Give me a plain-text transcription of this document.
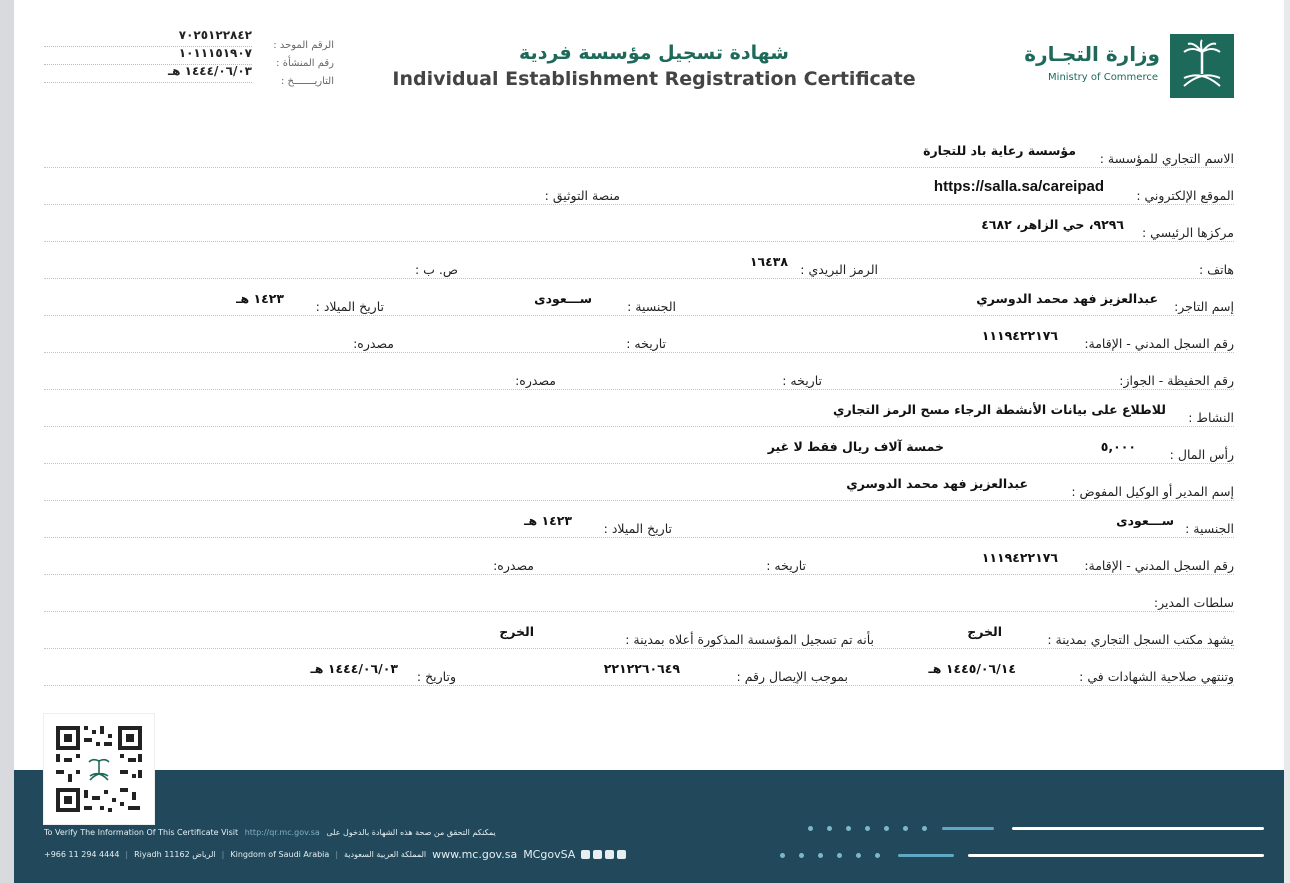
وزارة التجـارة
Ministry of Commerce
شهادة تسجيل مؤسسة فردية
Individual Establishment Registration Certificate
الرقم الموحد :
٧٠٢٥١٢٢٨٤٢
رقم المنشأة :
١٠١١١٥١٩٠٧
التاريـــــــخ :
١٤٤٤/٠٦/٠٣ هـ
الاسم التجاري للمؤسسة :
مؤسسة رعاية باد للتجارة
الموقع الإلكتروني :
https://salla.sa/careipad
منصة التوثيق :
مركزها الرئيسي :
٩٢٩٦، حي الزاهر، ٤٦٨٢
هاتف :
الرمز البريدي :
١٦٤٣٨
ص. ب :
إسم التاجر:
عبدالعزيز فهد محمد الدوسري
الجنسية :
ســـعودى
تاريخ الميلاد :
١٤٢٣ هـ
رقم السجل المدني - الإقامة:
١١١٩٤٢٢١٧٦
تاريخه :
مصدره:
رقم الحفيظة - الجواز:
تاريخه :
مصدره:
النشاط :
للاطلاع على بيانات الأنشطة الرجاء مسح الرمز التجاري
رأس المال :
٥,٠٠٠
خمسة آلاف ريال فقط لا غير
إسم المدير أو الوكيل المفوض :
عبدالعزيز فهد محمد الدوسري
الجنسية :
ســـعودى
تاريخ الميلاد :
١٤٢٣ هـ
رقم السجل المدني - الإقامة:
١١١٩٤٢٢١٧٦
تاريخه :
مصدره:
سلطات المدير:
يشهد مكتب السجل التجاري بمدينة :
الخرج
بأنه تم تسجيل المؤسسة المذكورة أعلاه بمدينة :
الخرج
وتنتهي صلاحية الشهادات في :
١٤٤٥/٠٦/١٤ هـ
بموجب الإيصال رقم :
٢٢١٢٢٦٠٦٤٩
وتاريخ :
١٤٤٤/٠٦/٠٣ هـ
To Verify The Information Of This Certificate Visit http://qr.mc.gov.sa يمكنكم التحقق من صحة هذه الشهادة بالدخول على
+966 11 294 4444 | Riyadh 11162 الرياض | Kingdom of Saudi Arabia | المملكة العربية السعودية www.mc.gov.sa MCgovSA
